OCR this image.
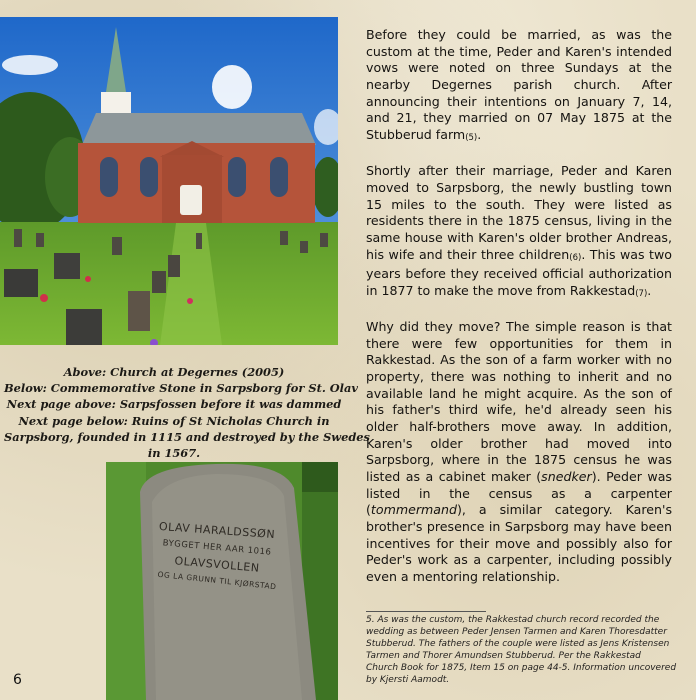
Above: Church at Degernes (2005)
Below: Commemorative Stone in Sarpsborg for St. Olav
Next page above: Sarpsfossen before it was dammed
Next page below: Ruins of St Nicholas Church in
Sarpsborg, founded in 1115 and destroyed by the Swedes
in 1567.
OLAV HARALDSSØN
BYGGET HER AAR 1016
OLAVSVOLLEN
OG LA GRUNN TIL KJØRSTAD
6

Before they could be married, as was the custom at the time, Peder and Karen's intended vows were noted on three Sundays at the nearby Degernes parish church. After announcing their intentions on January 7, 14, and 21, they married on 07 May 1875 at the Stubberud farm$_{(5)}$.

Shortly after their marriage, Peder and Karen moved to Sarpsborg, the newly bustling town 15 miles to the south. They were listed as residents there in the 1875 census, living in the same house with Karen's older brother Andreas, his wife and their three children$_{(6)}$. This was two years before they received official authorization in 1877 to make the move from Rakkestad$_{(7)}$.

Why did they move? The simple reason is that there were few opportunities for them in Rakkestad. As the son of a farm worker with no property, there was nothing to inherit and no available land he might acquire. As the son of his father's third wife, he'd already seen his older half-brothers move away. In addition, Karen's older brother had moved into Sarpsborg, where in the 1875 census he was listed as a cabinet maker (snedker). Peder was listed in the census as a carpenter (tommermand), a similar category. Karen's brother's presence in Sarpsborg may have been incentives for their move and possibly also for Peder's work as a carpenter, including possibly even a mentoring relationship.

5. As was the custom, the Rakkestad church record recorded the
wedding as between Peder Jensen Tarmen and Karen Thoresdatter
Stubberud. The fathers of the couple were listed as Jens Kristensen
Tarmen and Thorer Amundsen Stubberud. Per the Rakkestad
Church Book for 1875, Item 15 on page 44-5. Information uncovered
by Kjersti Aamodt.
